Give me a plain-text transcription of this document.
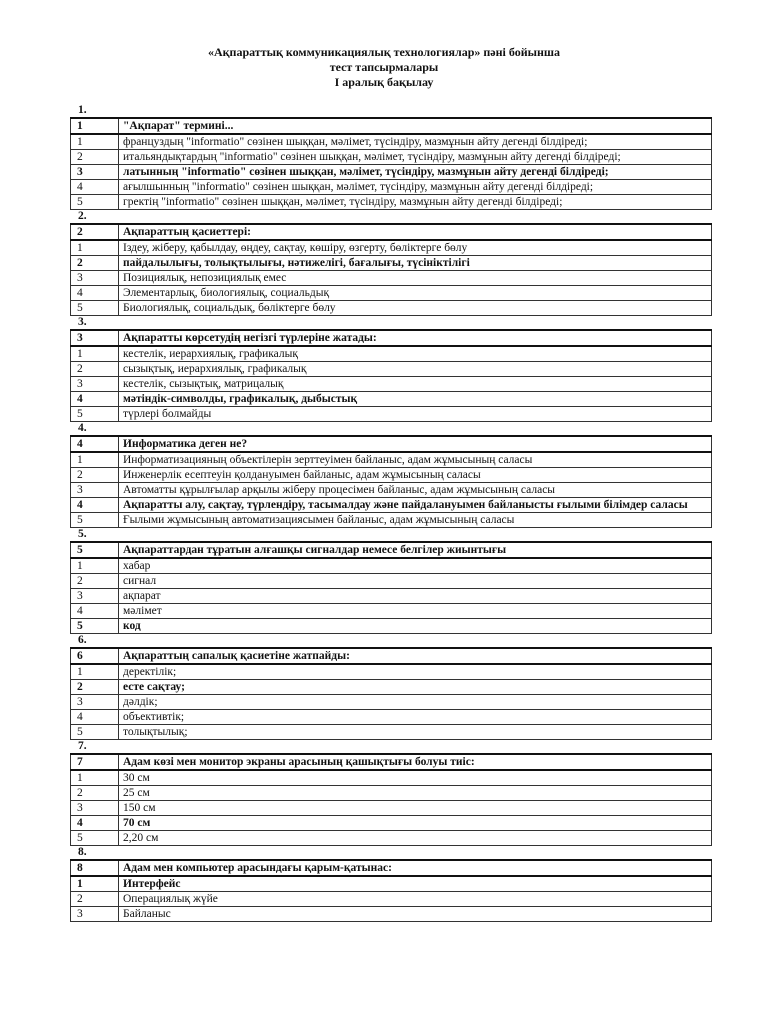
«Ақпараттық коммуникациялық технологиялар» пәні бойынша
тест тапсырмалары
І аралық бақылау
1.
1	"Ақпарат" термині...
1	француздың "informatio" сөзінен шыққан, мәлімет, түсіндіру, мазмұнын айту дегенді білдіреді;
2	итальяндықтардың "informatio" сөзінен шыққан, мәлімет, түсіндіру, мазмұнын айту дегенді білдіреді;
3	латынның "informatio" сөзінен шыққан, мәлімет, түсіндіру, мазмұнын айту дегенді білдіреді;
4	ағылшынның "informatio" сөзінен шыққан, мәлімет, түсіндіру, мазмұнын айту дегенді білдіреді;
5	гректің "informatio" сөзінен шыққан, мәлімет, түсіндіру, мазмұнын айту дегенді білдіреді;
2.
2	Ақпараттың қасиеттері:
1	Іздеу, жіберу, қабылдау, өңдеу, сақтау, көшіру, өзгерту, бөліктерге бөлу
2	пайдалылығы, толықтылығы, нәтижелігі, бағалығы, түсініктілігі
3	Позициялық, непозициялық емес
4	Элементарлық, биологиялық, социальдық
5	Биологиялық, социальдық, бөліктерге бөлу
3.
3	Ақпаратты көрсетудің негізгі түрлеріне жатады:
1	кестелік, иерархиялық, графикалық
2	сызықтық, иерархиялық, графикалық
3	кестелік, сызықтық, матрицалық
4	мәтіндік-символды, графикалық, дыбыстық
5	түрлері болмайды
4.
4	Информатика деген не?
1	Информатизацияның объектілерін зерттеуімен байланыс, адам жұмысының саласы
2	Инженерлік есептеуін қолдануымен байланыс, адам жұмысының саласы
3	Автоматты құрылғылар арқылы жіберу процесімен байланыс, адам жұмысының саласы
4	Ақпаратты алу, сақтау, түрлендіру, тасымалдау және пайдалануымен байланысты ғылыми білімдер саласы
5	Ғылыми жұмысының автоматизациясымен байланыс, адам жұмысының саласы
5.
5	Ақпараттардан тұратын алғашқы сигналдар немесе белгілер жиынтығы
1	хабар
2	сигнал
3	ақпарат
4	мәлімет
5	код
6.
6	Ақпараттың сапалық қасиетіне жатпайды:
1	деректілік;
2	есте сақтау;
3	дәлдік;
4	объективтік;
5	толықтылық;
7.
7	Адам көзі мен монитор экраны арасының қашықтығы болуы тиіс:
1	30 см
2	25 см
3	150 см
4	70 см
5	2,20 см
8.
8	Адам мен компьютер арасындағы қарым-қатынас:
1	Интерфейс
2	Операциялық жүйе
3	Байланыс
